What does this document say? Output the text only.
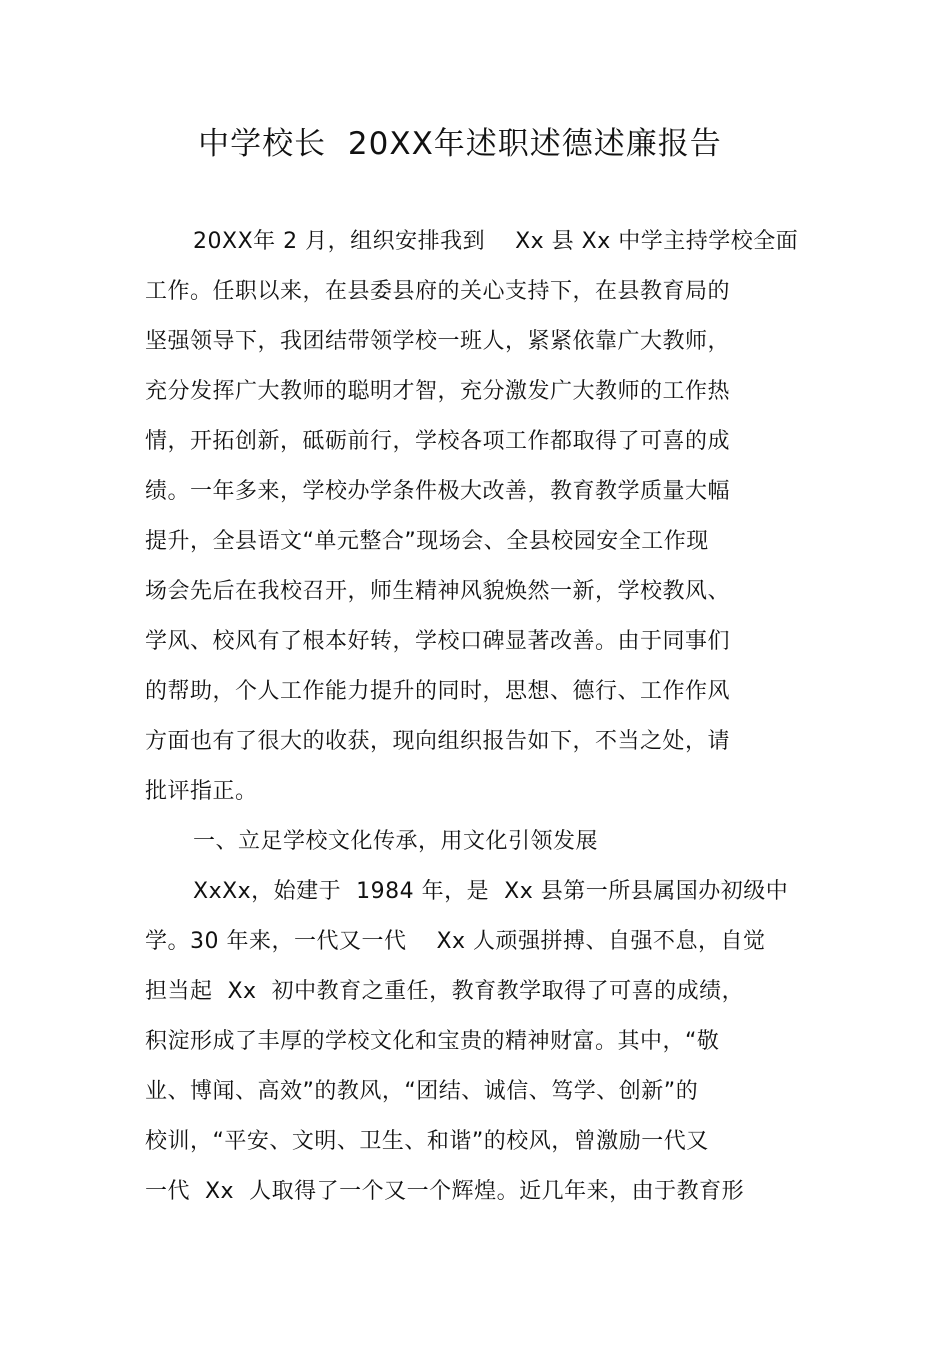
中学校长  20XX年述职述德述廉报告
20XX年 2 月，组织安排我到    Xx 县 Xx 中学主持学校全面
工作。任职以来，在县委县府的关心支持下，在县教育局的
坚强领导下，我团结带领学校一班人，紧紧依靠广大教师，
充分发挥广大教师的聪明才智，充分激发广大教师的工作热
情，开拓创新，砥砺前行，学校各项工作都取得了可喜的成
绩。一年多来，学校办学条件极大改善，教育教学质量大幅
提升，全县语文“单元整合”现场会、全县校园安全工作现
场会先后在我校召开，师生精神风貌焕然一新，学校教风、
学风、校风有了根本好转，学校口碑显著改善。由于同事们
的帮助，个人工作能力提升的同时，思想、德行、工作作风
方面也有了很大的收获，现向组织报告如下，不当之处，请
批评指正。
一、立足学校文化传承，用文化引领发展
XxXx，始建于  1984 年，是  Xx 县第一所县属国办初级中
学。30 年来，一代又一代    Xx 人顽强拼搏、自强不息，自觉
担当起  Xx  初中教育之重任，教育教学取得了可喜的成绩，
积淀形成了丰厚的学校文化和宝贵的精神财富。其中，“敬
业、博闻、高效”的教风，“团结、诚信、笃学、创新”的
校训，“平安、文明、卫生、和谐”的校风，曾激励一代又
一代  Xx  人取得了一个又一个辉煌。近几年来，由于教育形
